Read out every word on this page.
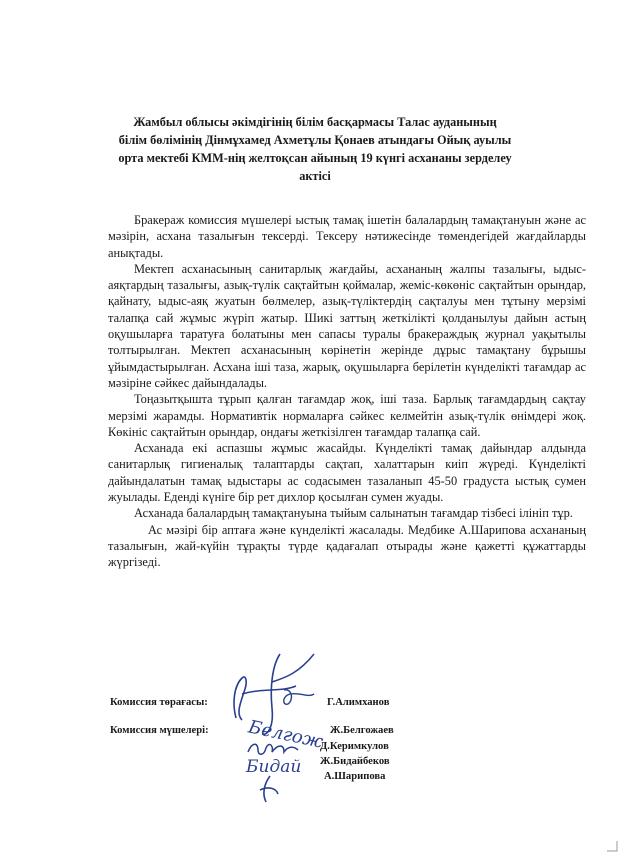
Жамбыл облысы әкімдігінің білім басқармасы Талас ауданының
білім бөлімінің Дінмұхамед Ахметұлы Қонаев атындағы Ойық ауылы
орта мектебі КММ-нің желтоқсан айының 19 күнгі асхананы зерделеу
актісі

Бракераж комиссия мүшелері ыстық тамақ ішетін балалардың тамақтануын және ас мәзірін, асхана тазалығын тексерді. Тексеру нәтижесінде төмендегідей жағдайларды анықтады.

Мектеп асханасының санитарлық жағдайы, асхананың жалпы тазалығы, ыдыс-аяқтардың тазалығы, азық-түлік сақтайтын қоймалар, жеміс-көкөніс сақтайтын орындар, қайнату, ыдыс-аяқ жуатын бөлмелер, азық-түліктердің сақталуы мен тұтыну мерзімі талапқа сай жұмыс жүріп жатыр. Шикі заттың жеткілікті қолданылуы дайын астың оқушыларға таратуға болатыны мен сапасы туралы бракераждық журнал уақытылы толтырылған. Мектеп асханасының көрінетін жерінде дұрыс тамақтану бұрышы ұйымдастырылған. Асхана іші таза, жарық, оқушыларға берілетін күнделікті тағамдар ас мәзіріне сәйкес дайындалады.

Тоңазытқышта тұрып қалған тағамдар жоқ, іші таза. Барлық тағамдардың сақтау мерзімі жарамды. Нормативтік нормаларға сәйкес келмейтін азық-түлік өнімдері жоқ. Көкініс сақтайтын орындар, ондағы жеткізілген тағамдар талапқа сай.

Асханада екі аспазшы жұмыс жасайды. Күнделікті тамақ дайындар алдында санитарлық гигиеналық талаптарды сақтап, халаттарын киіп жүреді. Күнделікті дайындалатын тамақ ыдыстары ас содасымен тазаланып 45-50 градуста ыстық сумен жуылады. Еденді күніге бір рет дихлор қосылған сумен жуады.

Асханада балалардың тамақтануына тыйым салынатын тағамдар тізбесі ілініп тұр.

Ас мәзірі бір аптаға және күнделікті жасалады. Медбике А.Шарипова асхананың тазалығын, жай-күйін тұрақты түрде қадағалап отырады және қажетті құжаттарды жүргізеді.

Белгож
Бидай
Комиссия төрағасы:	Г.Алимханов
Комиссия мүшелері:	Ж.Белгожаев
Д.Керимкулов
Ж.Бидайбеков
А.Шарипова
